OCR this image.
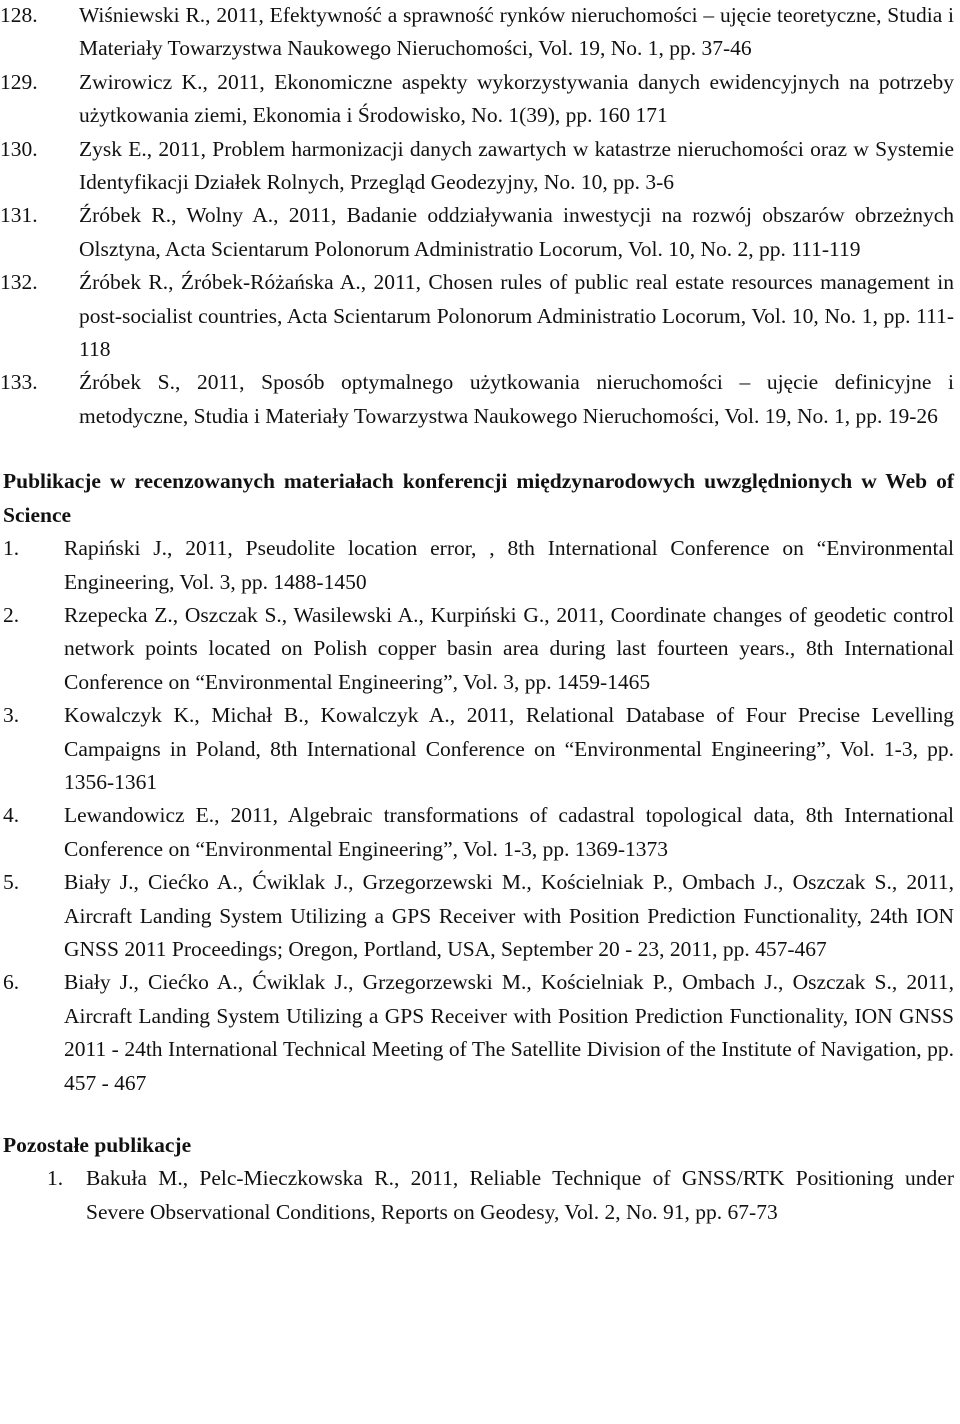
128. Wiśniewski R., 2011, Efektywność a sprawność rynków nieruchomości – ujęcie teoretyczne, Studia i Materiały Towarzystwa Naukowego Nieruchomości, Vol. 19, No. 1, pp. 37-46
129. Zwirowicz K., 2011, Ekonomiczne aspekty wykorzystywania danych ewidencyjnych na potrzeby użytkowania ziemi, Ekonomia i Środowisko, No. 1(39), pp. 160 171
130. Zysk E., 2011, Problem harmonizacji danych zawartych w katastrze nieruchomości oraz w Systemie Identyfikacji Działek Rolnych, Przegląd Geodezyjny, No. 10, pp. 3-6
131. Źróbek R., Wolny A., 2011, Badanie oddziaływania inwestycji na rozwój obszarów obrzeżnych Olsztyna, Acta Scientarum Polonorum Administratio Locorum, Vol. 10, No. 2, pp. 111-119
132. Źróbek R., Źróbek-Różańska A., 2011, Chosen rules of public real estate resources management in post-socialist countries, Acta Scientarum Polonorum Administratio Locorum, Vol. 10, No. 1, pp. 111-118
133. Źróbek S., 2011, Sposób optymalnego użytkowania nieruchomości – ujęcie definicyjne i metodyczne, Studia i Materiały Towarzystwa Naukowego Nieruchomości, Vol. 19, No. 1, pp. 19-26
Publikacje w recenzowanych materiałach konferencji międzynarodowych uwzględnionych w Web of Science
1. Rapiński J., 2011, Pseudolite location error, , 8th International Conference on “Environmental Engineering, Vol. 3, pp. 1488-1450
2. Rzepecka Z., Oszczak S., Wasilewski A., Kurpiński G., 2011, Coordinate changes of geodetic control network points located on Polish copper basin area during last fourteen years., 8th International Conference on “Environmental Engineering”, Vol. 3, pp. 1459-1465
3. Kowalczyk K., Michał B., Kowalczyk A., 2011, Relational Database of Four Precise Levelling Campaigns in Poland, 8th International Conference on “Environmental Engineering”, Vol. 1-3, pp. 1356-1361
4. Lewandowicz E., 2011, Algebraic transformations of cadastral topological data, 8th International Conference on “Environmental Engineering”, Vol. 1-3, pp. 1369-1373
5. Biały J., Ciećko A., Ćwiklak J., Grzegorzewski M., Kościelniak P., Ombach J., Oszczak S., 2011, Aircraft Landing System Utilizing a GPS Receiver with Position Prediction Functionality, 24th ION GNSS 2011 Proceedings; Oregon, Portland, USA, September 20 - 23, 2011, pp. 457-467
6. Biały J., Ciećko A., Ćwiklak J., Grzegorzewski M., Kościelniak P., Ombach J., Oszczak S., 2011, Aircraft Landing System Utilizing a GPS Receiver with Position Prediction Functionality, ION GNSS 2011 - 24th International Technical Meeting of The Satellite Division of the Institute of Navigation, pp. 457 - 467
Pozostałe publikacje
1. Bakuła M., Pelc-Mieczkowska R., 2011, Reliable Technique of GNSS/RTK Positioning under Severe Observational Conditions, Reports on Geodesy, Vol. 2, No. 91, pp. 67-73
